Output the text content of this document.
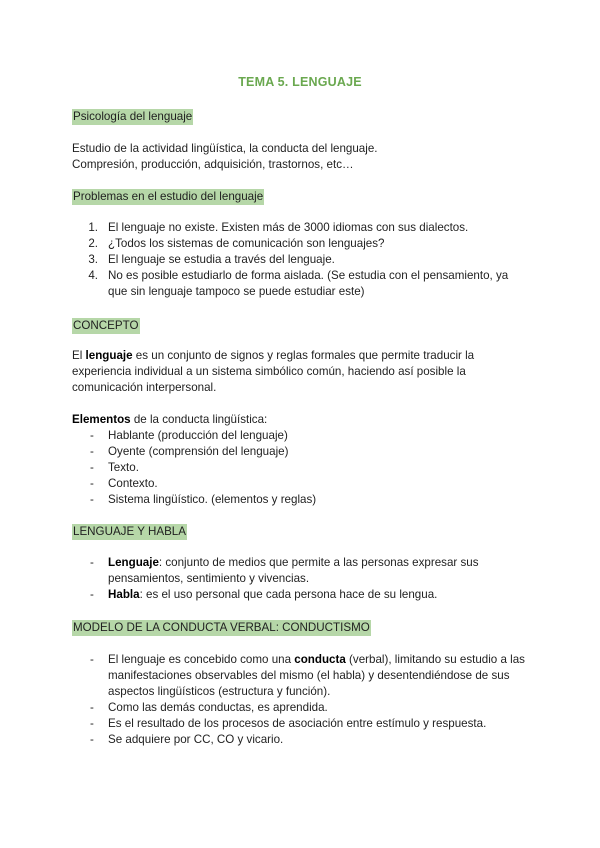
TEMA 5. LENGUAJE
Psicología del lenguaje
Estudio de la actividad lingüística, la conducta del lenguaje.
Compresión, producción, adquisición, trastornos, etc…
Problemas en el estudio del lenguaje
1. El lenguaje no existe. Existen más de 3000 idiomas con sus dialectos.
2. ¿Todos los sistemas de comunicación son lenguajes?
3. El lenguaje se estudia a través del lenguaje.
4. No es posible estudiarlo de forma aislada. (Se estudia con el pensamiento, ya que sin lenguaje tampoco se puede estudiar este)
CONCEPTO
El lenguaje es un conjunto de signos y reglas formales que permite traducir la experiencia individual a un sistema simbólico común, haciendo así posible la comunicación interpersonal.
Elementos de la conducta lingüística:
-	Hablante (producción del lenguaje)
-	Oyente (comprensión del lenguaje)
-	Texto.
-	Contexto.
-	Sistema lingüístico. (elementos y reglas)
LENGUAJE Y HABLA
-	Lenguaje: conjunto de medios que permite a las personas expresar sus pensamientos, sentimiento y vivencias.
-	Habla: es el uso personal que cada persona hace de su lengua.
MODELO DE LA CONDUCTA VERBAL: CONDUCTISMO
-	El lenguaje es concebido como una conducta (verbal), limitando su estudio a las manifestaciones observables del mismo (el habla) y desentendiéndose de sus aspectos lingüísticos (estructura y función).
-	Como las demás conductas, es aprendida.
-	Es el resultado de los procesos de asociación entre estímulo y respuesta.
-	Se adquiere por CC, CO y vicario.
